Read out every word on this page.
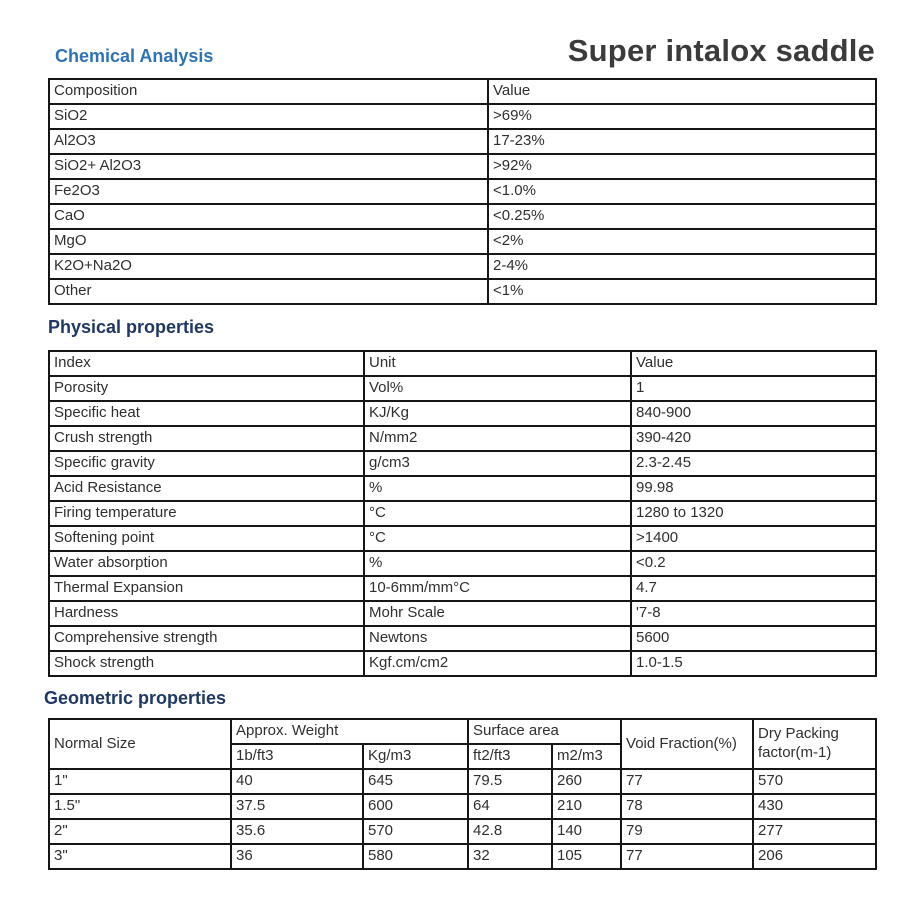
Chemical Analysis	Super intalox saddle
Composition	Value
SiO2	>69%
Al2O3	17-23%
SiO2+ Al2O3	>92%
Fe2O3	<1.0%
CaO	<0.25%
MgO	<2%
K2O+Na2O	2-4%
Other	<1%
Physical properties
Index	Unit	Value
Porosity	Vol%	1
Specific heat	KJ/Kg	840-900
Crush strength	N/mm2	390-420
Specific gravity	g/cm3	2.3-2.45
Acid Resistance	%	99.98
Firing temperature	°C	1280 to 1320
Softening point	°C	>1400
Water absorption	%	<0.2
Thermal Expansion	10-6mm/mm°C	4.7
Hardness	Mohr Scale	'7-8
Comprehensive strength	Newtons	5600
Shock strength	Kgf.cm/cm2	1.0-1.5
Geometric properties
Normal Size	Approx. Weight		Surface area		Void Fraction(%)	Dry Packing factor(m-1)
	1b/ft3	Kg/m3	ft2/ft3	m2/m3		
1"	40	645	79.5	260	77	570
1.5"	37.5	600	64	210	78	430
2"	35.6	570	42.8	140	79	277
3"	36	580	32	105	77	206
